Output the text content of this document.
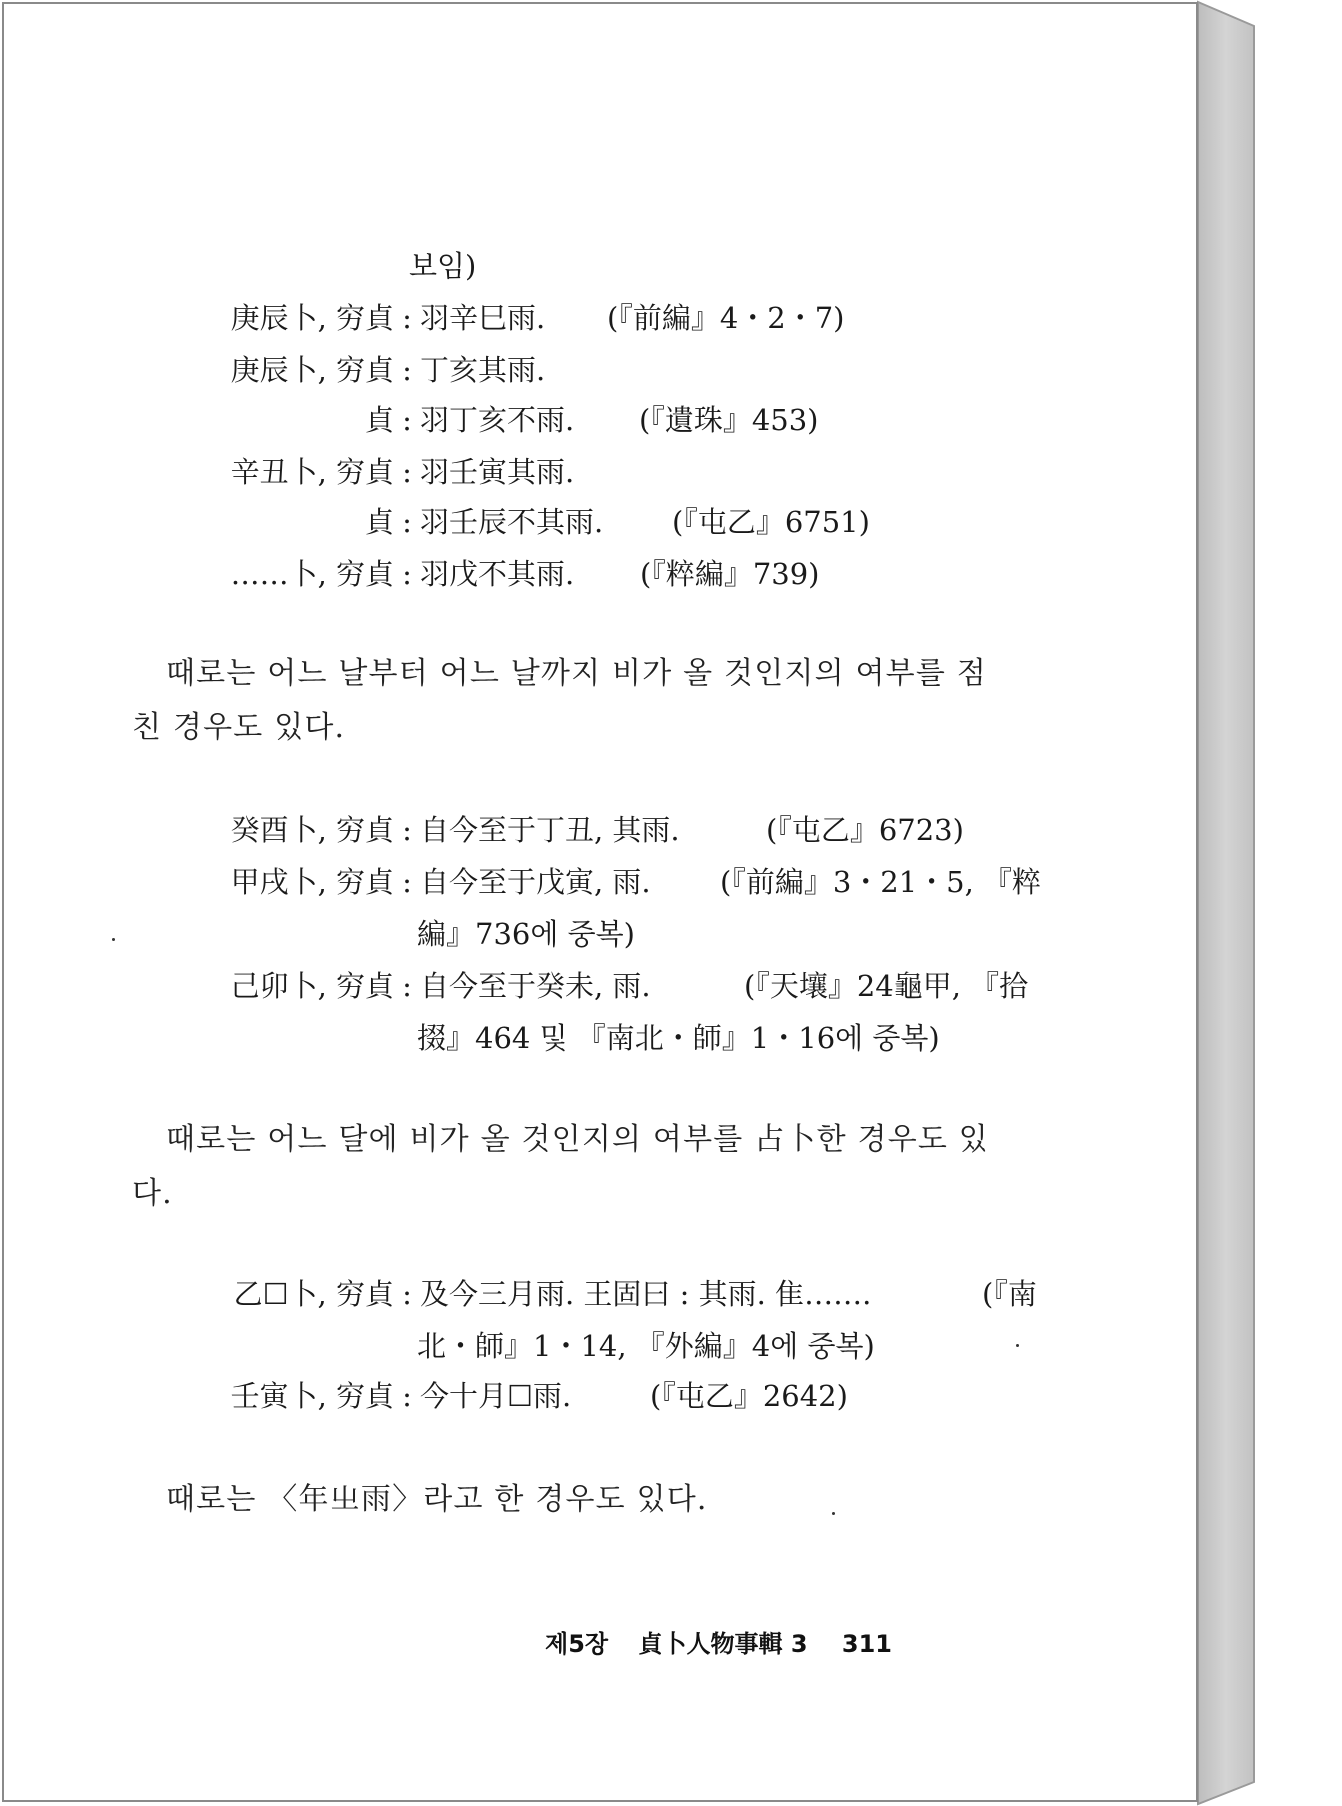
보임)
庚辰卜, 穷貞 : 羽辛巳雨. (『前編』4・2・7)
庚辰卜, 穷貞 : 丁亥其雨.
貞 : 羽丁亥不雨. (『遺珠』453)
辛丑卜, 穷貞 : 羽壬寅其雨.
貞 : 羽壬辰不其雨. (『屯乙』6751)
……卜, 穷貞 : 羽戊不其雨. (『粹編』739)
때로는 어느 날부터 어느 날까지 비가 올 것인지의 여부를 점
친 경우도 있다.
癸酉卜, 穷貞 : 自今至于丁丑, 其雨.	(『屯乙』6723)
甲戌卜, 穷貞 : 自今至于戊寅, 雨. (『前編』3・21・5, 『粹
編』736에 중복)
己卯卜, 穷貞 : 自今至于癸未, 雨.	(『天壤』24龜甲, 『拾
掇』464 및 『南北・師』1・16에 중복)
때로는 어느 달에 비가 올 것인지의 여부를 占卜한 경우도 있
다.
乙☐卜, 穷貞 : 及今三月雨. 王固曰 : 其雨. 隹…….	(『南
北・師』1・14, 『外編』4에 중복)
壬寅卜, 穷貞 : 今十月☐雨.	(『屯乙』2642)
때로는 〈年㞢雨〉라고 한 경우도 있다.
제5장 貞卜人物事輯 3 311
